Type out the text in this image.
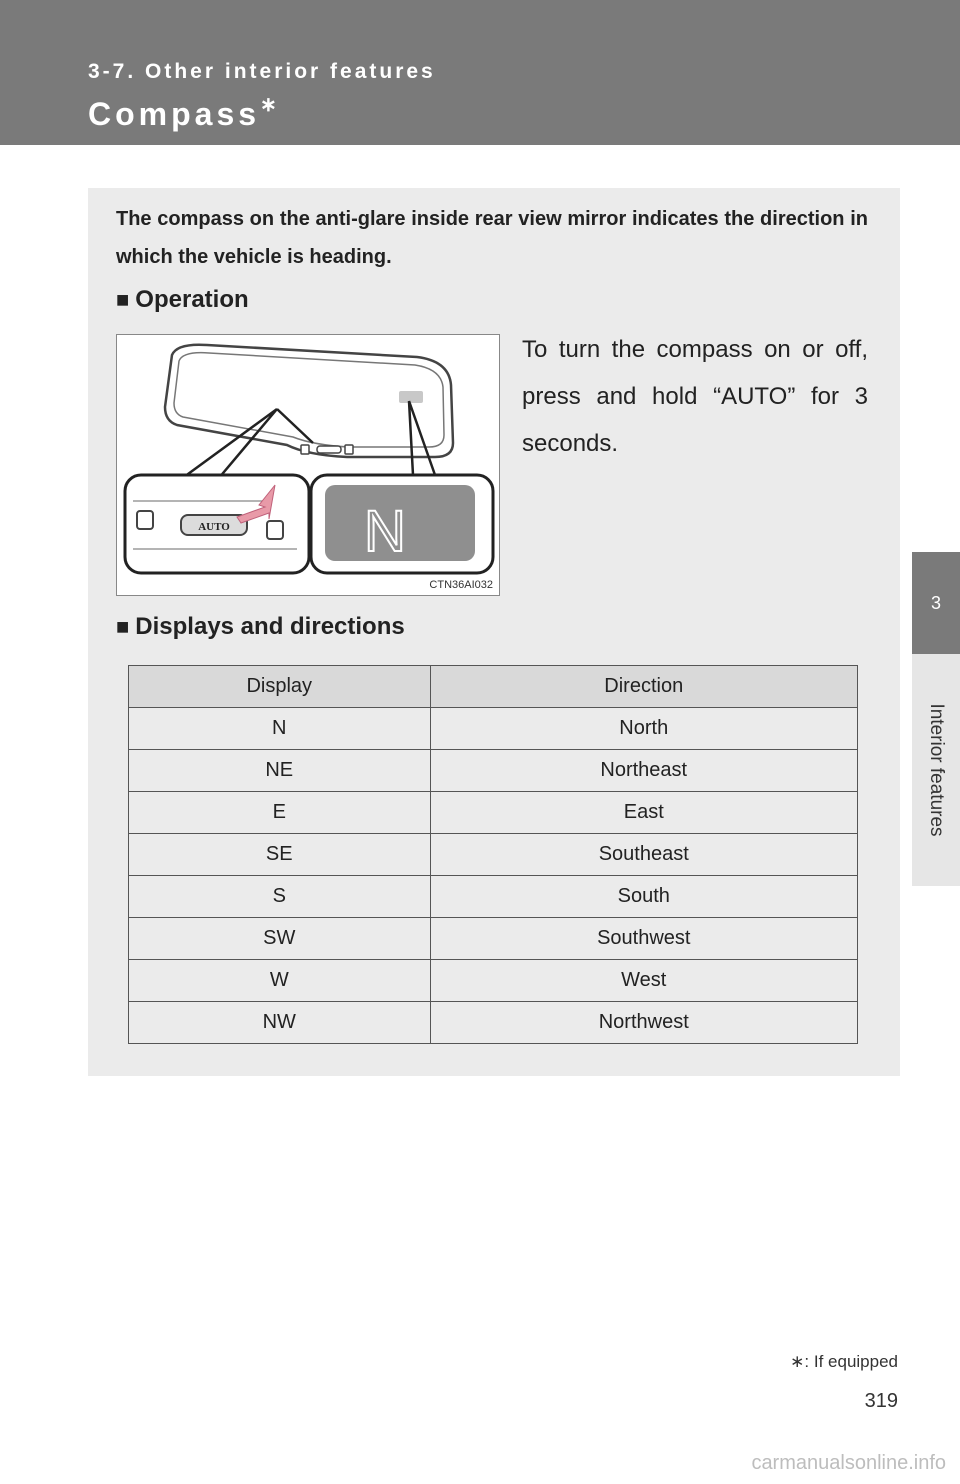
3-7. Other interior features
Compass∗
3
Interior features
The compass on the anti-glare inside rear view mirror indicates the direction in which the vehicle is heading.
■ Operation
AUTO N
CTN36AI032
To turn the compass on or off, press and hold “AUTO” for 3 seconds.
■ Displays and directions
Display	Direction
N	North
NE	Northeast
E	East
SE	Southeast
S	South
SW	Southwest
W	West
NW	Northwest
∗: If equipped
319
carmanualsonline.info
